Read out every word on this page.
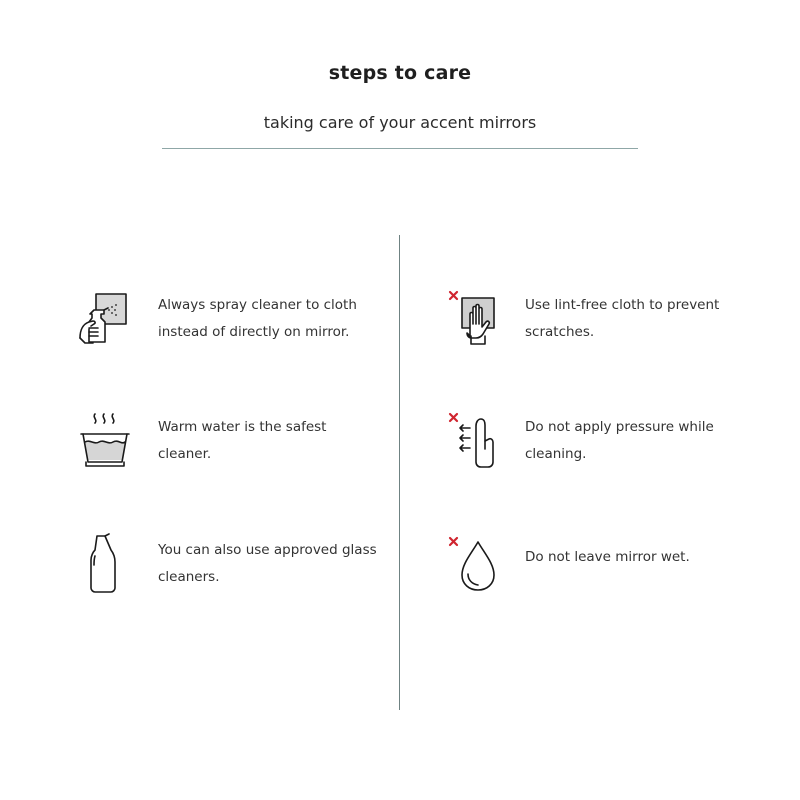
steps to care
taking care of your accent mirrors
Always spray cleaner to cloth
instead of directly on mirror.
Warm water is the safest
cleaner.
You can also use approved glass
cleaners.
Use lint-free cloth to prevent
scratches.
Do not apply pressure while
cleaning.
Do not leave mirror wet.
